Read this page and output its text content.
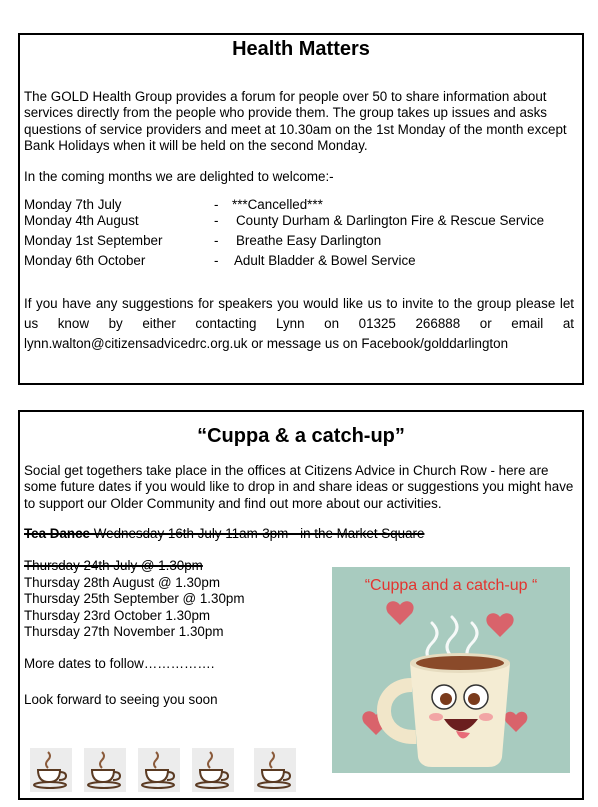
Health Matters
The GOLD Health Group provides a forum for people over 50 to share information about services directly from the people who provide them. The group takes up issues and asks questions of service providers and meet at 10.30am on the 1st Monday of the month except Bank Holidays when it will be held on the second Monday.
In the coming months we are delighted to welcome:-
Monday 7th July	-	***Cancelled***
Monday 4th August	-	County Durham & Darlington Fire & Rescue Service
Monday 1st September	-	Breathe Easy Darlington
Monday 6th October	-	Adult Bladder & Bowel Service
If you have any suggestions for speakers you would like us to invite to the group please let us know by either contacting Lynn on 01325 266888 or email at lynn.walton@citizensadvicedrc.org.uk or message us on Facebook/golddarlington
“Cuppa & a catch-up”
Social get togethers take place in the offices at Citizens Advice in Church Row - here are some future dates if you would like to drop in and share ideas or suggestions you might have to support our Older Community and find out more about our activities.
Tea Dance Wednesday 16th July 11am-3pm - in the Market Square
Thursday 24th July @ 1.30pm
Thursday 28th August @ 1.30pm
Thursday 25th September @ 1.30pm
Thursday 23rd October 1.30pm
Thursday 27th November 1.30pm
More dates to follow…………….
Look forward to seeing you soon
“Cuppa and a catch-up “
